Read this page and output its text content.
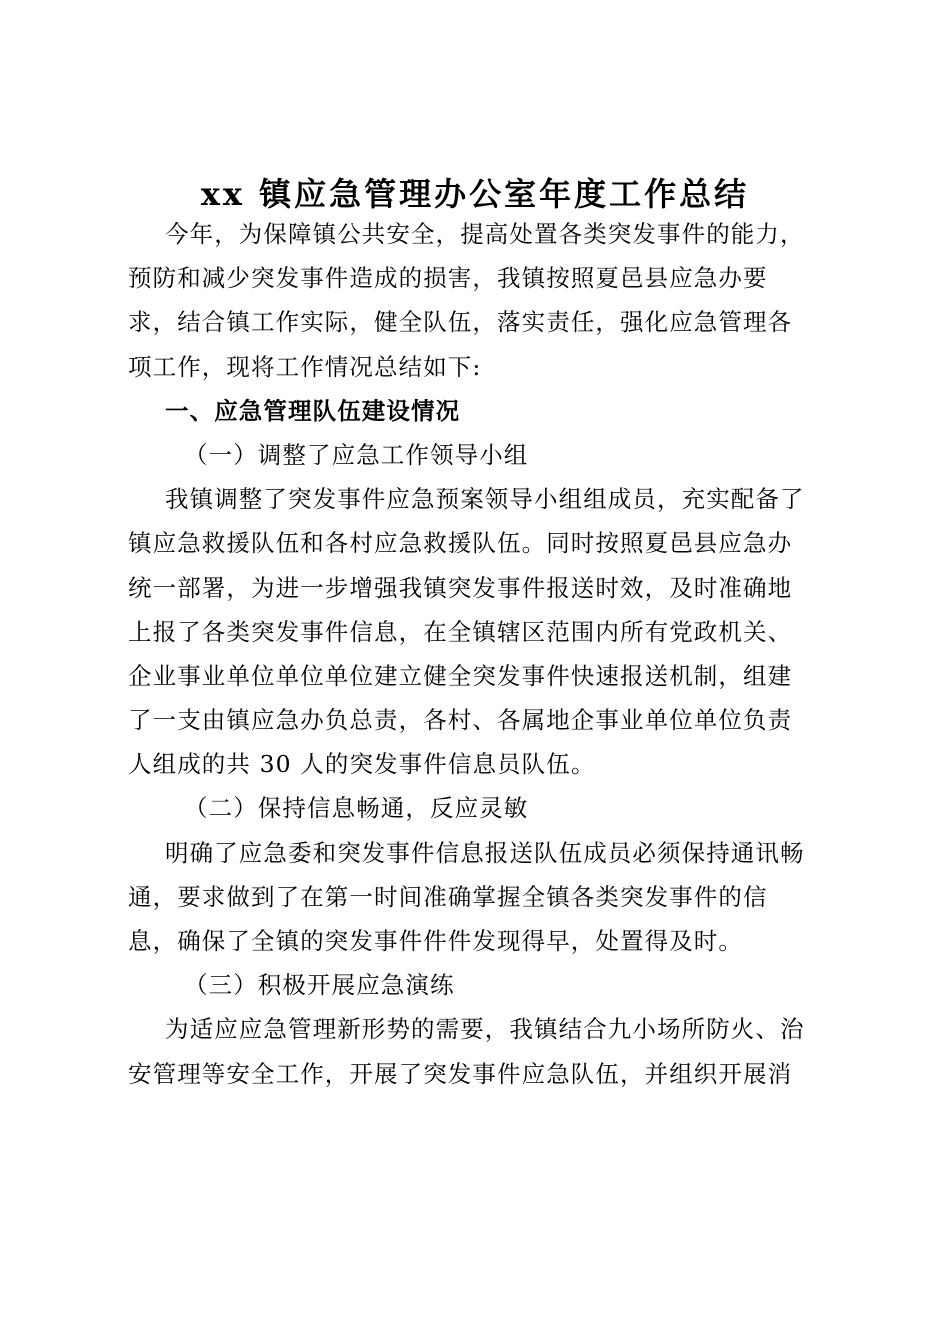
xx 镇应急管理办公室年度工作总结
今年，为保障镇公共安全，提高处置各类突发事件的能力，
预防和减少突发事件造成的损害，我镇按照夏邑县应急办要
求，结合镇工作实际，健全队伍，落实责任，强化应急管理各
项工作，现将工作情况总结如下:
一、应急管理队伍建设情况
（一）调整了应急工作领导小组
我镇调整了突发事件应急预案领导小组组成员，充实配备了
镇应急救援队伍和各村应急救援队伍。同时按照夏邑县应急办
统一部署，为进一步增强我镇突发事件报送时效，及时准确地
上报了各类突发事件信息，在全镇辖区范围内所有党政机关、
企业事业单位单位单位建立健全突发事件快速报送机制，组建
了一支由镇应急办负总责，各村、各属地企事业单位单位负责
人组成的共 30 人的突发事件信息员队伍。
（二）保持信息畅通，反应灵敏
明确了应急委和突发事件信息报送队伍成员必须保持通讯畅
通，要求做到了在第一时间准确掌握全镇各类突发事件的信
息，确保了全镇的突发事件件件发现得早，处置得及时。
（三）积极开展应急演练
为适应应急管理新形势的需要，我镇结合九小场所防火、治
安管理等安全工作，开展了突发事件应急队伍，并组织开展消
